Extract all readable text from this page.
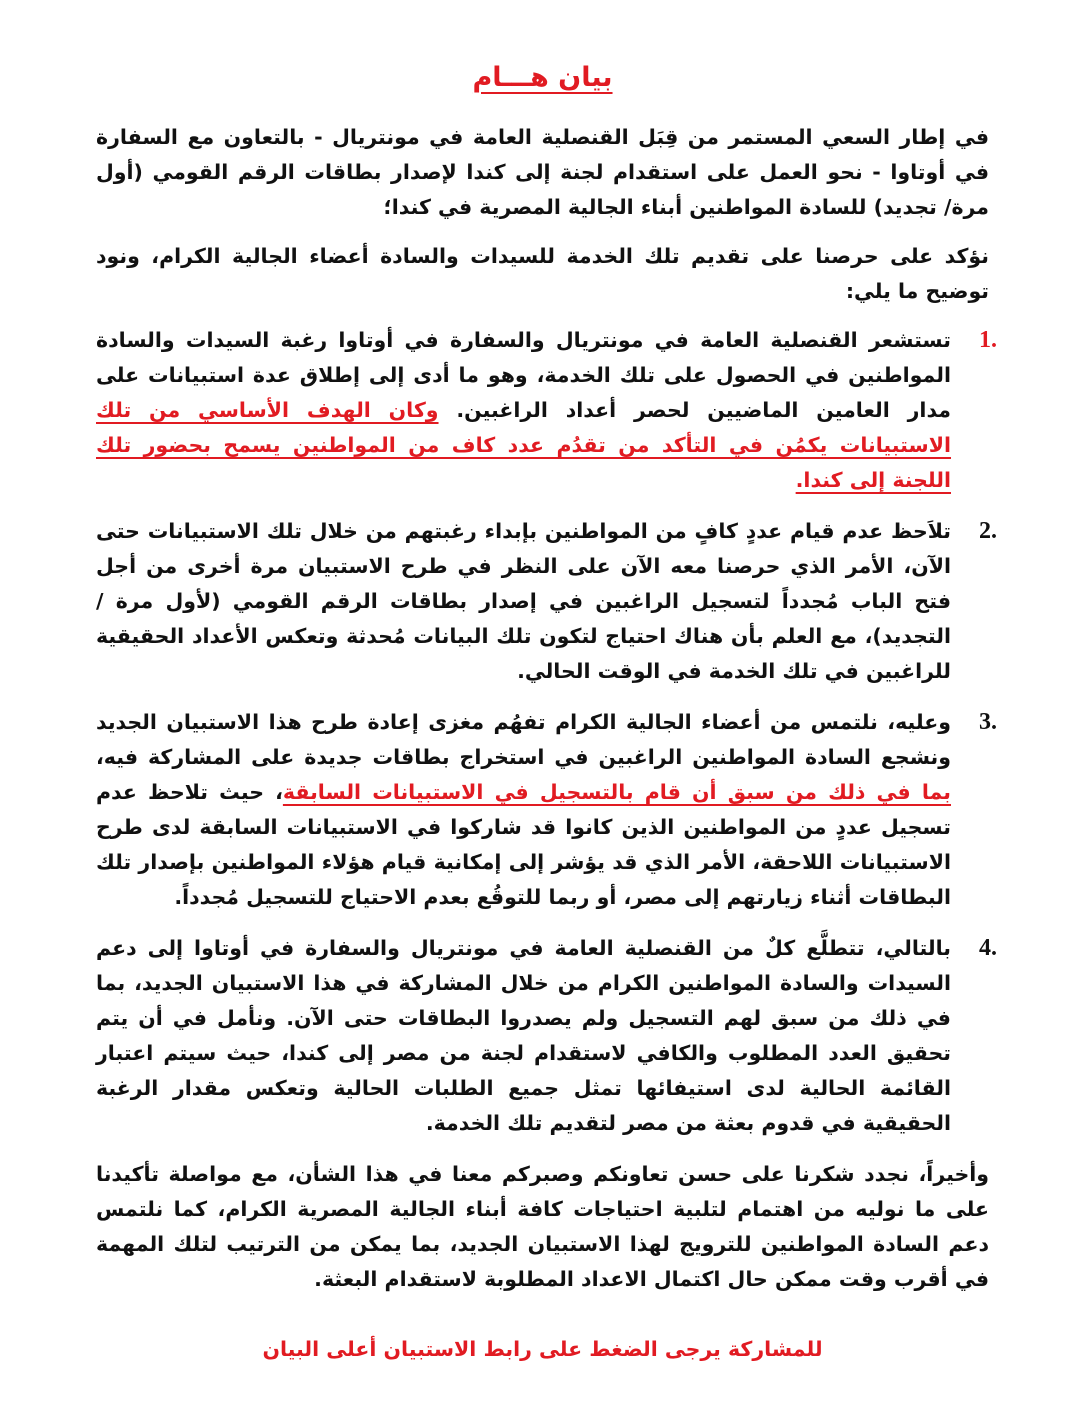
بيان هـــام

في إطار السعي المستمر من قِبَل القنصلية العامة في مونتريال - بالتعاون مع السفارة في أوتاوا - نحو العمل على استقدام لجنة إلى كندا لإصدار بطاقات الرقم القومي (أول مرة/ تجديد) للسادة المواطنين أبناء الجالية المصرية في كندا؛

نؤكد على حرصنا على تقديم تلك الخدمة للسيدات والسادة أعضاء الجالية الكرام، ونود توضيح ما يلي:

1.
تستشعر القنصلية العامة في مونتريال والسفارة في أوتاوا رغبة السيدات والسادة المواطنين في الحصول على تلك الخدمة، وهو ما أدى إلى إطلاق عدة استبيانات على مدار العامين الماضيين لحصر أعداد الراغبين. وكان الهدف الأساسي من تلك الاستبيانات يكمُن في التأكد من تقدُم عدد كاف من المواطنين يسمح بحضور تلك اللجنة إلى كندا.
2.
تلاَحظ عدم قيام عددٍ كافٍ من المواطنين بإبداء رغبتهم من خلال تلك الاستبيانات حتى الآن، الأمر الذي حرصنا معه الآن على النظر في طرح الاستبيان مرة أخرى من أجل فتح الباب مُجدداً لتسجيل الراغبين في إصدار بطاقات الرقم القومي (لأول مرة / التجديد)، مع العلم بأن هناك احتياج لتكون تلك البيانات مُحدثة وتعكس الأعداد الحقيقية للراغبين في تلك الخدمة في الوقت الحالي.
3.
وعليه، نلتمس من أعضاء الجالية الكرام تفهُم مغزى إعادة طرح هذا الاستبيان الجديد ونشجع السادة المواطنين الراغبين في استخراج بطاقات جديدة على المشاركة فيه، بما في ذلك من سبق أن قام بالتسجيل في الاستبيانات السابقة، حيث تلاحظ عدم تسجيل عددٍ من المواطنين الذين كانوا قد شاركوا في الاستبيانات السابقة لدى طرح الاستبيانات اللاحقة، الأمر الذي قد يؤشر إلى إمكانية قيام هؤلاء المواطنين بإصدار تلك البطاقات أثناء زيارتهم إلى مصر، أو ربما للتوقُع بعدم الاحتياج للتسجيل مُجدداً.
4.
بالتالي، تتطلَّع كلٌ من القنصلية العامة في مونتريال والسفارة في أوتاوا إلى دعم السيدات والسادة المواطنين الكرام من خلال المشاركة في هذا الاستبيان الجديد، بما في ذلك من سبق لهم التسجيل ولم يصدروا البطاقات حتى الآن. ونأمل في أن يتم تحقيق العدد المطلوب والكافي لاستقدام لجنة من مصر إلى كندا، حيث سيتم اعتبار القائمة الحالية لدى استيفائها تمثل جميع الطلبات الحالية وتعكس مقدار الرغبة الحقيقية في قدوم بعثة من مصر لتقديم تلك الخدمة.

وأخيراً، نجدد شكرنا على حسن تعاونكم وصبركم معنا في هذا الشأن، مع مواصلة تأكيدنا على ما نوليه من اهتمام لتلبية احتياجات كافة أبناء الجالية المصرية الكرام، كما نلتمس دعم السادة المواطنين للترويج لهذا الاستبيان الجديد، بما يمكن من الترتيب لتلك المهمة في أقرب وقت ممكن حال اكتمال الاعداد المطلوبة لاستقدام البعثة.

للمشاركة يرجى الضغط على رابط الاستبيان أعلى البيان
